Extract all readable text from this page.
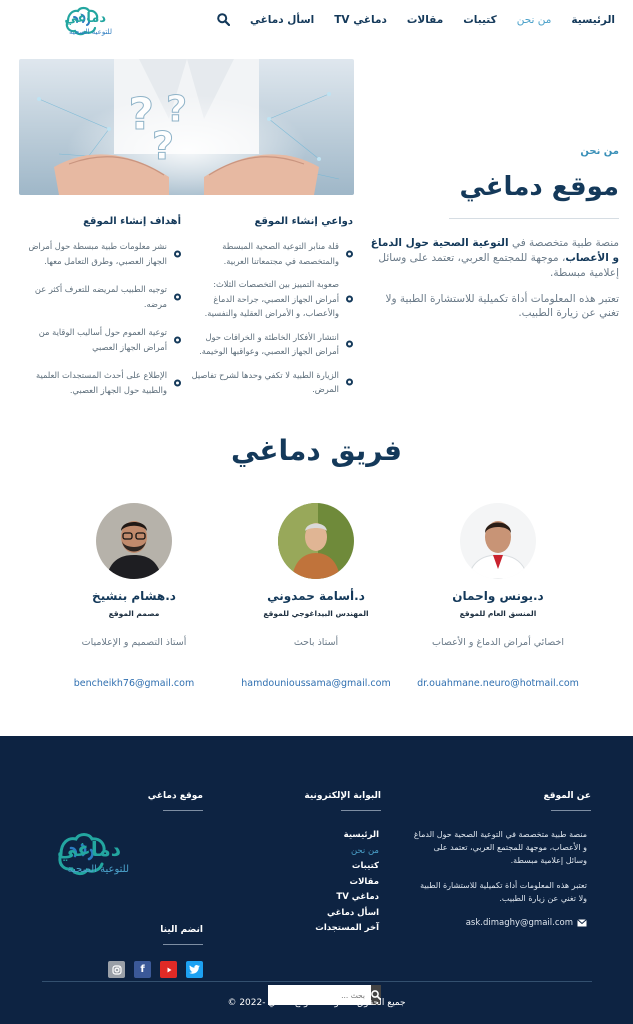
دماغي
للتوعية الصحية
الرئيسية
من نحن
كتيبات
مقالات
دماغي TV
اسأل دماغي
? ?
?	من نحن
موقع دماغي

منصة طبية متخصصة في التوعية الصحية حول الدماغ و الأعصاب، موجهة للمجتمع العربي، تعتمد على وسائل إعلامية مبسطة.

تعتبر هذه المعلومات أداة تكميلية للاستشارة الطبية ولا تغني عن زيارة الطبيب.

دواعي إنشاء الموقع
قلة منابر التوعية الصحية المبسطة والمتخصصة في مجتمعاتنا العربية.
صعوبة التمييز بين التخصصات الثلاث: أمراض الجهاز العصبي، جراحة الدماغ والأعصاب، و الأمراض العقلية والنفسية.
انتشار الأفكار الخاطئة و الخرافات حول أمراض الجهاز العصبي، وعواقبها الوخيمة.
الزيارة الطبية لا تكفي وحدها لشرح تفاصيل المرض.
أهداف إنشاء الموقع
نشر معلومات طبية مبسطة حول أمراض الجهاز العصبي، وطرق التعامل معها.
توجيه الطبيب لمريضه للتعرف أكثر عن مرضه.
توعية العموم حول أساليب الوقاية من أمراض الجهاز العصبي
الإطلاع على أحدث المستجدات العلمية والطبية حول الجهاز العصبي.
فريق دماغي
د.يونس واحمان
المنسق العام للموقع
اخصائي أمراض الدماغ و الأعصاب
dr.ouahmane.neuro@hotmail.com
د.أسامة حمدوني
المهندس البيداغوجي للموقع
أستاذ باحث
hamdounioussama@gmail.com
د.هشام بنشيخ
مصمم الموقع
أستاذ التصميم و الإعلاميات
bencheikh76@gmail.com
عن الموقع

منصة طبية متخصصة في التوعية الصحية حول الدماغ و الأعصاب، موجهة للمجتمع العربي، تعتمد على وسائل إعلامية مبسطة.

تعتبر هذه المعلومات أداة تكميلية للاستشارة الطبية ولا تغني عن زيارة الطبيب.

ask.dimaghy@gmail.com
البوابة الإلكترونية
الرئيسية
من نحن
كتيبات
مقالات
دماغي TV
اسأل دماغي
آخر المستجدات
بحث ...
موقع دماغي
دماغي
للتوعية الصحية
انضم الينا
f
جميع الحقوق محفوظة - موقع دماغي -2022 ©
